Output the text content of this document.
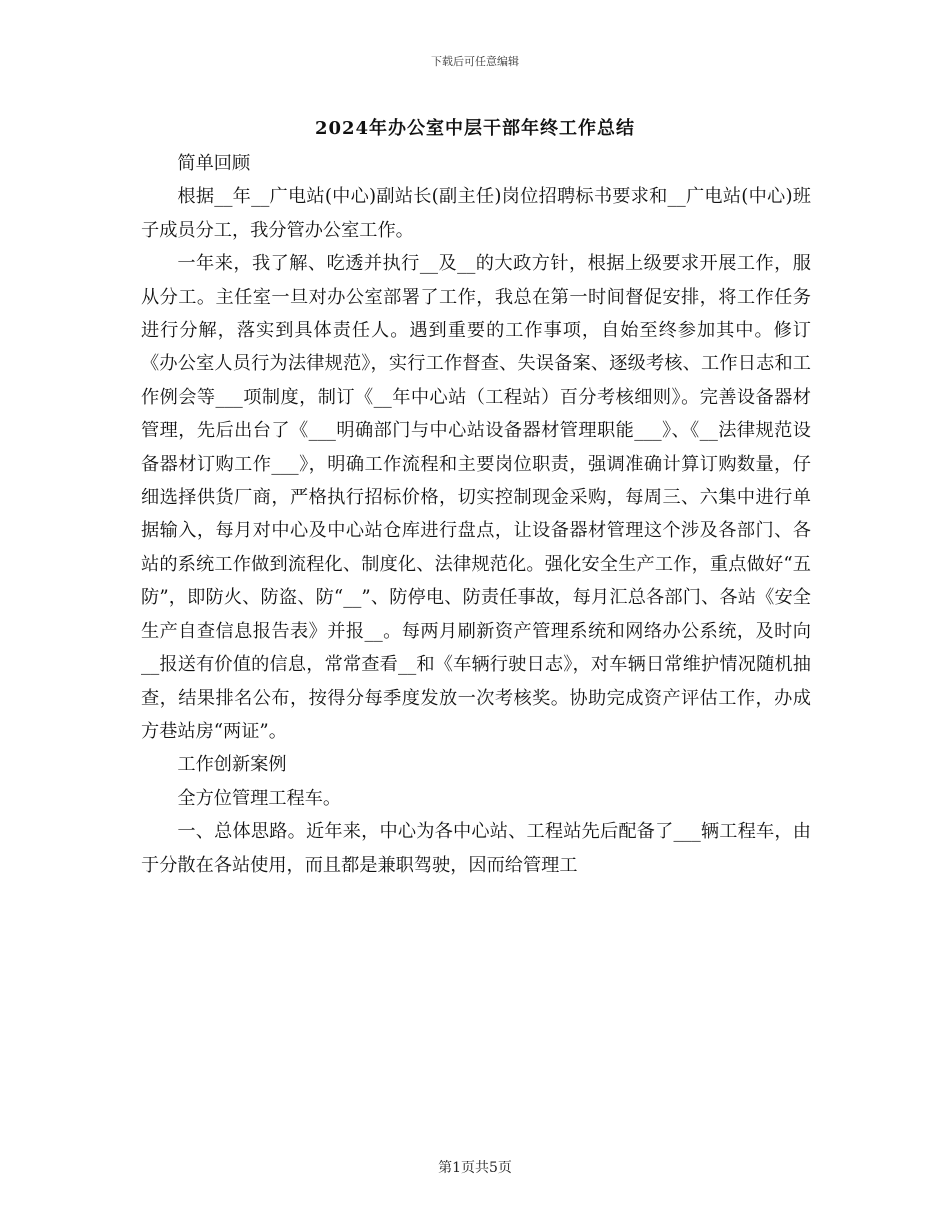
下载后可任意编辑
2024年办公室中层干部年终工作总结

简单回顾

根据__年__广电站(中心)副站长(副主任)岗位招聘标书要求和__广电站(中心)班子成员分工，我分管办公室工作。

一年来，我了解、吃透并执行__及__的大政方针，根据上级要求开展工作，服从分工。主任室一旦对办公室部署了工作，我总在第一时间督促安排，将工作任务进行分解，落实到具体责任人。遇到重要的工作事项，自始至终参加其中。修订《办公室人员行为法律规范》，实行工作督查、失误备案、逐级考核、工作日志和工作例会等___项制度，制订《__年中心站（工程站）百分考核细则》。完善设备器材管理，先后出台了《___明确部门与中心站设备器材管理职能___》、《__法律规范设备器材订购工作___》，明确工作流程和主要岗位职责，强调准确计算订购数量，仔细选择供货厂商，严格执行招标价格，切实控制现金采购，每周三、六集中进行单据输入，每月对中心及中心站仓库进行盘点，让设备器材管理这个涉及各部门、各站的系统工作做到流程化、制度化、法律规范化。强化安全生产工作，重点做好“五防”，即防火、防盗、防“__”、防停电、防责任事故，每月汇总各部门、各站《安全生产自查信息报告表》并报__。每两月刷新资产管理系统和网络办公系统，及时向__报送有价值的信息，常常查看__和《车辆行驶日志》，对车辆日常维护情况随机抽查，结果排名公布，按得分每季度发放一次考核奖。协助完成资产评估工作，办成方巷站房“两证”。

工作创新案例

全方位管理工程车。

一、总体思路。近年来，中心为各中心站、工程站先后配备了___辆工程车，由于分散在各站使用，而且都是兼职驾驶，因而给管理工

第1页共5页
